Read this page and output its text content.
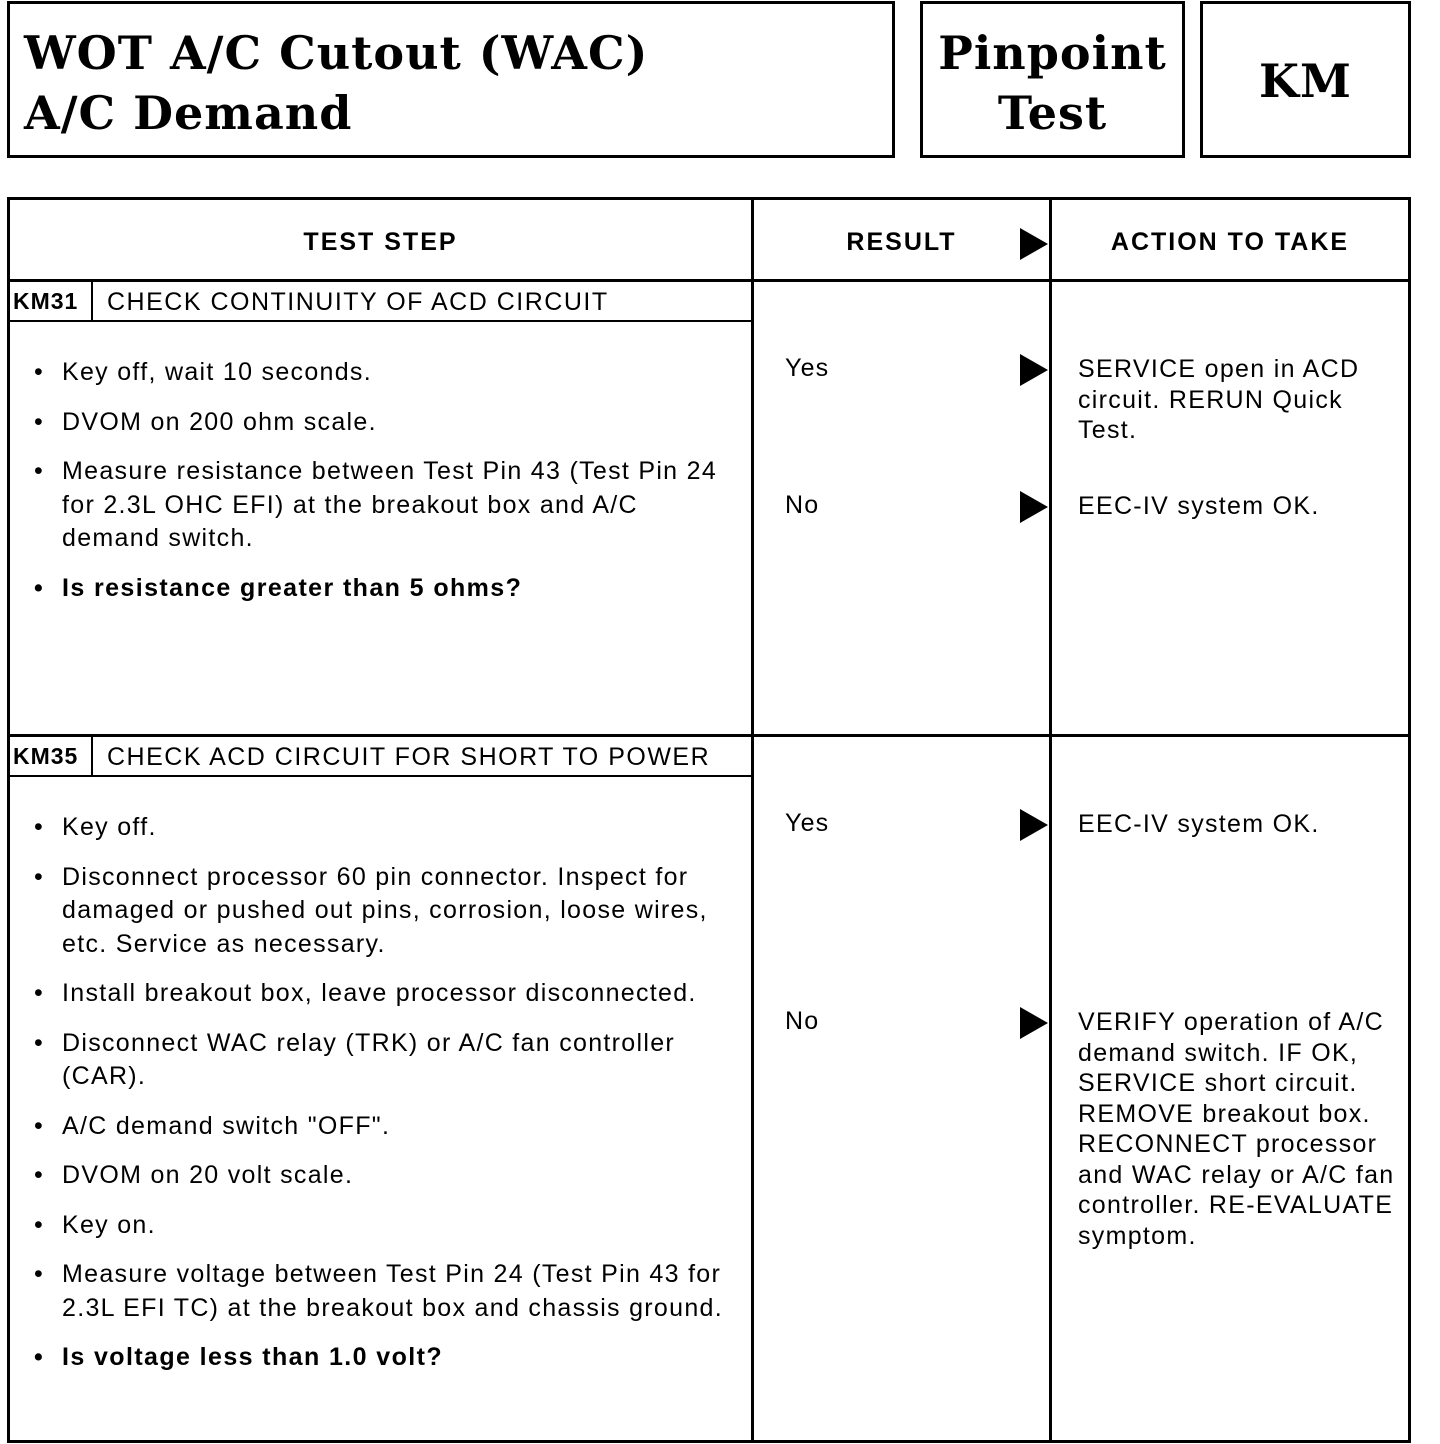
WOT A/C Cutout (WAC)
A/C Demand
Pinpoint
Test
KM
TEST STEP	RESULT	ACTION TO TAKE
KM31 CHECK CONTINUITY OF ACD CIRCUIT
• Key off, wait 10 seconds.
• DVOM on 200 ohm scale.
• Measure resistance between Test Pin 43 (Test Pin 24 for 2.3L OHC EFI) at the breakout box and A/C demand switch.
• Is resistance greater than 5 ohms?
Yes	SERVICE open in ACD circuit. RERUN Quick Test.
No	EEC-IV system OK.
KM35 CHECK ACD CIRCUIT FOR SHORT TO POWER
• Key off.
• Disconnect processor 60 pin connector. Inspect for damaged or pushed out pins, corrosion, loose wires, etc. Service as necessary.
• Install breakout box, leave processor disconnected.
• Disconnect WAC relay (TRK) or A/C fan controller (CAR).
• A/C demand switch "OFF".
• DVOM on 20 volt scale.
• Key on.
• Measure voltage between Test Pin 24 (Test Pin 43 for 2.3L EFI TC) at the breakout box and chassis ground.
• Is voltage less than 1.0 volt?
Yes	EEC-IV system OK.
No	VERIFY operation of A/C demand switch. IF OK, SERVICE short circuit. REMOVE breakout box. RECONNECT processor and WAC relay or A/C fan controller. RE-EVALUATE symptom.
